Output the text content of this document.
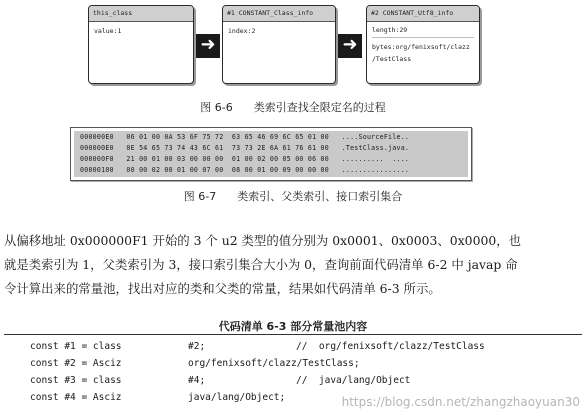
this_class
value:1
➜
#1 CONSTANT_Class_info
index:2
➜
#2 CONSTANT_Utf8_info
length:29
bytes:org/fenixsoft/clazz
/TestClass
图 6-6 类索引查找全限定名的过程
000000E0   06 01 00 0A 53 6F 75 72  63 65 46 69 6C 65 01 00   ....SourceFile..
000000E0   0E 54 65 73 74 43 6C 61  73 73 2E 6A 61 76 61 00   .TestClass.java.
000000F0   21 00 01 00 03 00 00 00  01 00 02 00 05 00 06 00   ..........  ....
00000100   00 00 02 00 01 00 07 00  08 00 01 00 09 00 00 00   ................
图 6-7 类索引、父类索引、接口索引集合
从偏移地址 0x000000F1 开始的 3 个 u2 类型的值分别为 0x0001、0x0003、0x0000，也
就是类索引为 1，父类索引为 3，接口索引集合大小为 0，查询前面代码清单 6-2 中 javap 命
令计算出来的常量池，找出对应的类和父类的常量，结果如代码清单 6-3 所示。
代码清单 6-3 部分常量池内容
const #1 = class	#2;	//  org/fenixsoft/clazz/TestClass
const #2 = Asciz	org/fenixsoft/clazz/TestClass;
const #3 = class	#4;	//  java/lang/Object
const #4 = Asciz	java/lang/Object;	https://blog.csdn.net/zhangzhaoyuan30
